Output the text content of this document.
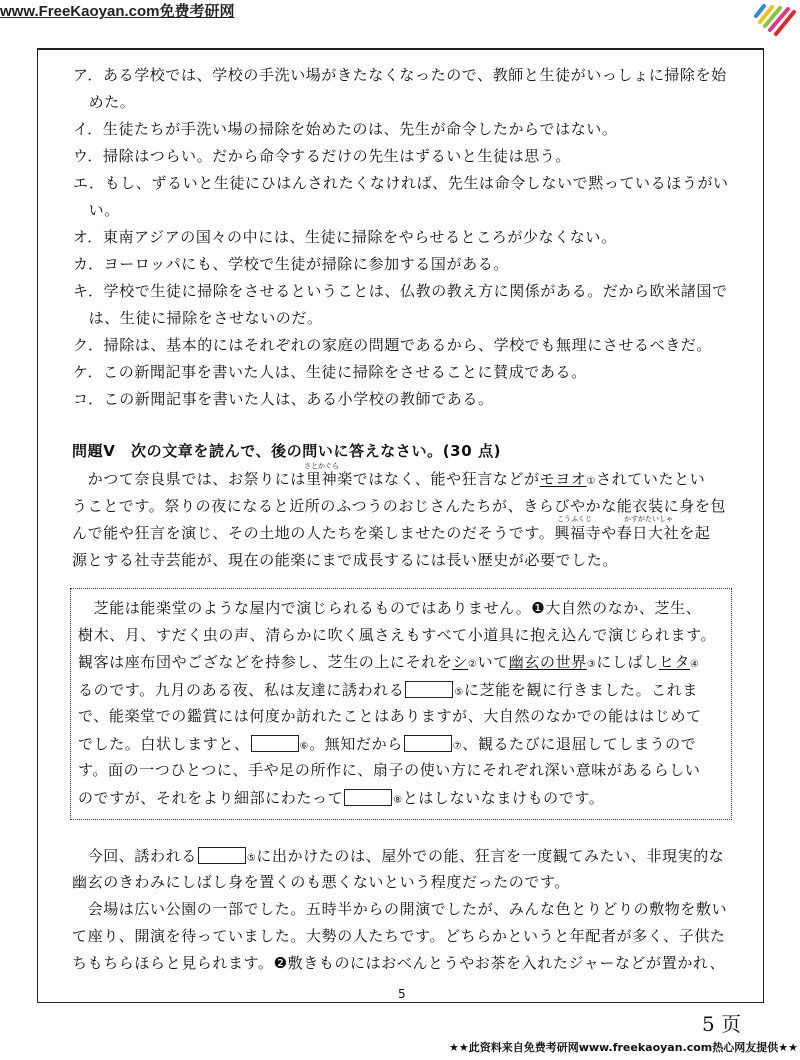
www.FreeKaoyan.com免费考研网
ア．ある学校では、学校の手洗い場がきたなくなったので、教師と生徒がいっしょに掃除を始
　めた。
イ．生徒たちが手洗い場の掃除を始めたのは、先生が命令したからではない。
ウ．掃除はつらい。だから命令するだけの先生はずるいと生徒は思う。
エ．もし、ずるいと生徒にひはんされたくなければ、先生は命令しないで黙っているほうがい
　い。
オ．東南アジアの国々の中には、生徒に掃除をやらせるところが少なくない。
カ．ヨーロッパにも、学校で生徒が掃除に参加する国がある。
キ．学校で生徒に掃除をさせるということは、仏教の教え方に関係がある。だから欧米諸国で
　は、生徒に掃除をさせないのだ。
ク．掃除は、基本的にはそれぞれの家庭の問題であるから、学校でも無理にさせるべきだ。
ケ．この新聞記事を書いた人は、生徒に掃除をさせることに賛成である。
コ．この新聞記事を書いた人は、ある小学校の教師である。
　かつて奈良県では、お祭りには里神楽ではなく、能や狂言などがモヨオ①されていたとい
うことです。祭りの夜になると近所のふつうのおじさんたちが、きらびやかな能衣装に身を包
んで能や狂言を演じ、その土地の人たちを楽しませたのだそうです。興福寺や春日大社を起
源とする社寺芸能が、現在の能楽にまで成長するには長い歴史が必要でした。
　芝能は能楽堂のような屋内で演じられるものではありません。❶大自然のなか、芝生、
樹木、月、すだく虫の声、清らかに吹く風さえもすべて小道具に抱え込んで演じられます。
観客は座布団やござなどを持参し、芝生の上にそれをシ②いて幽玄の世界③にしばしヒタ④
るのです。九月のある夜、私は友達に誘われる	⑤に芝能を観に行きました。これま
で、能楽堂での鑑賞には何度か訪れたことはありますが、大自然のなかでの能ははじめて
でした。白状しますと、	⑥。無知だから	⑦、観るたびに退屈してしまうので
す。面の一つひとつに、手や足の所作に、扇子の使い方にそれぞれ深い意味があるらしい
のですが、それをより細部にわたって	⑧とはしないなまけものです。
　今回、誘われる	⑤に出かけたのは、屋外での能、狂言を一度観てみたい、非現実的な
幽玄のきわみにしばし身を置くのも悪くないという程度だったのです。
　会場は広い公園の一部でした。五時半からの開演でしたが、みんな色とりどりの敷物を敷い
て座り、開演を待っていました。大勢の人たちです。どちらかというと年配者が多く、子供た
ちもちらほらと見られます。❷敷きものにはおべんとうやお茶を入れたジャーなどが置かれ、
問題Ⅴ　次の文章を読んで、後の問いに答えなさい。(30 点)
さとかぐら
こうふくじ	かすがたいしゃ
5
5 页
★★此资料来自免费考研网www.freekaoyan.com热心网友提供★★
